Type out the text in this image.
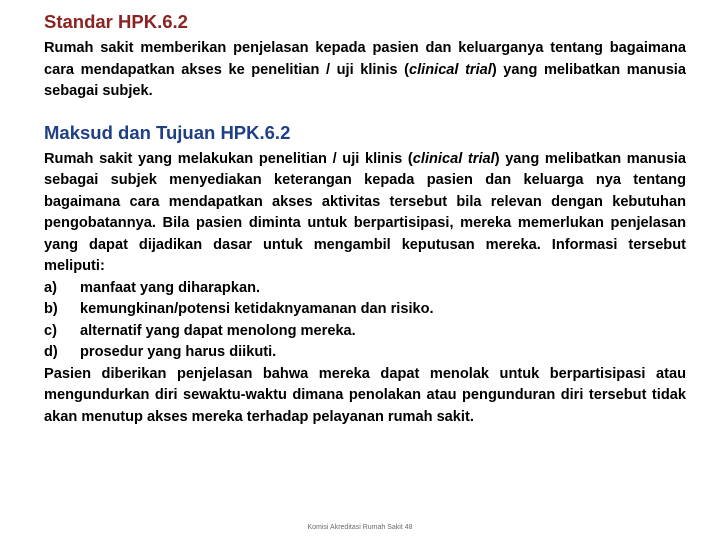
Standar HPK.6.2

Rumah sakit memberikan penjelasan kepada pasien dan keluarganya tentang bagaimana cara mendapatkan akses ke penelitian / uji klinis (clinical trial) yang melibatkan manusia sebagai subjek.

Maksud dan Tujuan HPK.6.2

Rumah sakit yang melakukan penelitian / uji klinis (clinical trial) yang melibatkan manusia sebagai subjek menyediakan keterangan kepada pasien dan keluarga nya tentang bagaimana cara mendapatkan akses aktivitas tersebut bila relevan dengan kebutuhan pengobatannya. Bila pasien diminta untuk berpartisipasi, mereka memerlukan penjelasan yang dapat dijadikan dasar untuk mengambil keputusan mereka. Informasi tersebut meliputi:

a)	manfaat yang diharapkan.
b)	kemungkinan/potensi ketidaknyamanan dan risiko.
c)	alternatif yang dapat menolong mereka.
d)	prosedur yang harus diikuti.

Pasien diberikan penjelasan bahwa mereka dapat menolak untuk berpartisipasi atau mengundurkan diri sewaktu-waktu dimana penolakan atau pengunduran diri tersebut tidak akan menutup akses mereka terhadap pelayanan rumah sakit.

Komisi Akreditasi Rumah Sakit 48
